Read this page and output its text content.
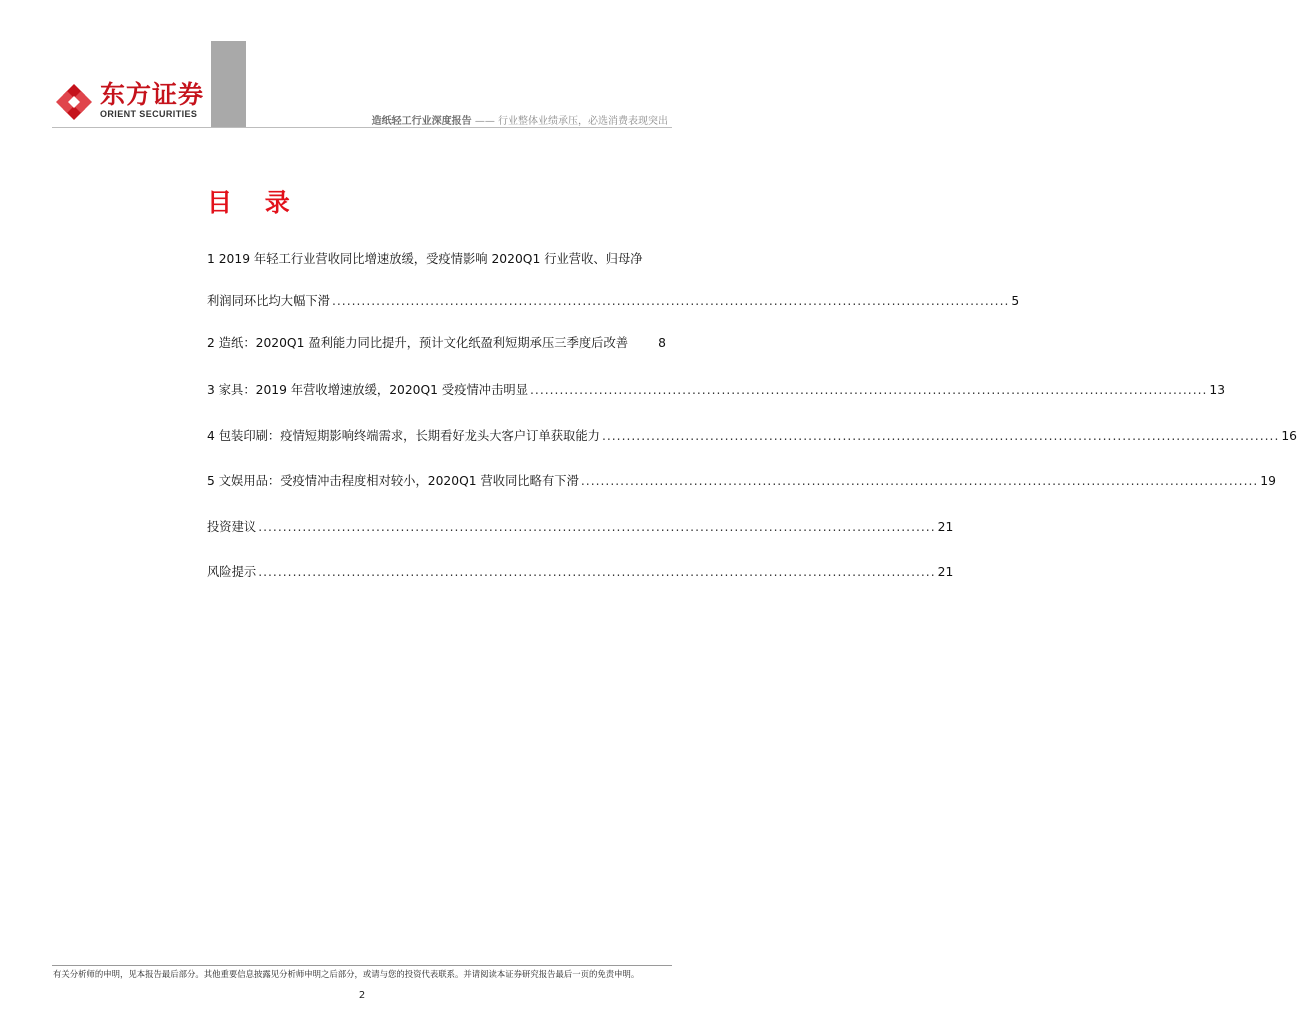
东方证券
ORIENT SECURITIES
造纸轻工行业深度报告 —— 行业整体业绩承压，必选消费表现突出
目 录
1 2019 年轻工行业营收同比增速放缓，受疫情影响 2020Q1 行业营收、归母净
利润同环比均大幅下滑 .......................................................................................................................................... 5
2 造纸：2020Q1 盈利能力同比提升，预计文化纸盈利短期承压三季度后改善 8
3 家具：2019 年营收增速放缓，2020Q1 受疫情冲击明显 .......................................................................................................................................... 13
4 包装印刷：疫情短期影响终端需求，长期看好龙头大客户订单获取能力 .......................................................................................................................................... 16
5 文娱用品：受疫情冲击程度相对较小，2020Q1 营收同比略有下滑 .......................................................................................................................................... 19
投资建议 .......................................................................................................................................... 21
风险提示 .......................................................................................................................................... 21
有关分析师的申明，见本报告最后部分。其他重要信息披露见分析师申明之后部分，或请与您的投资代表联系。并请阅读本证券研究报告最后一页的免责申明。
2
